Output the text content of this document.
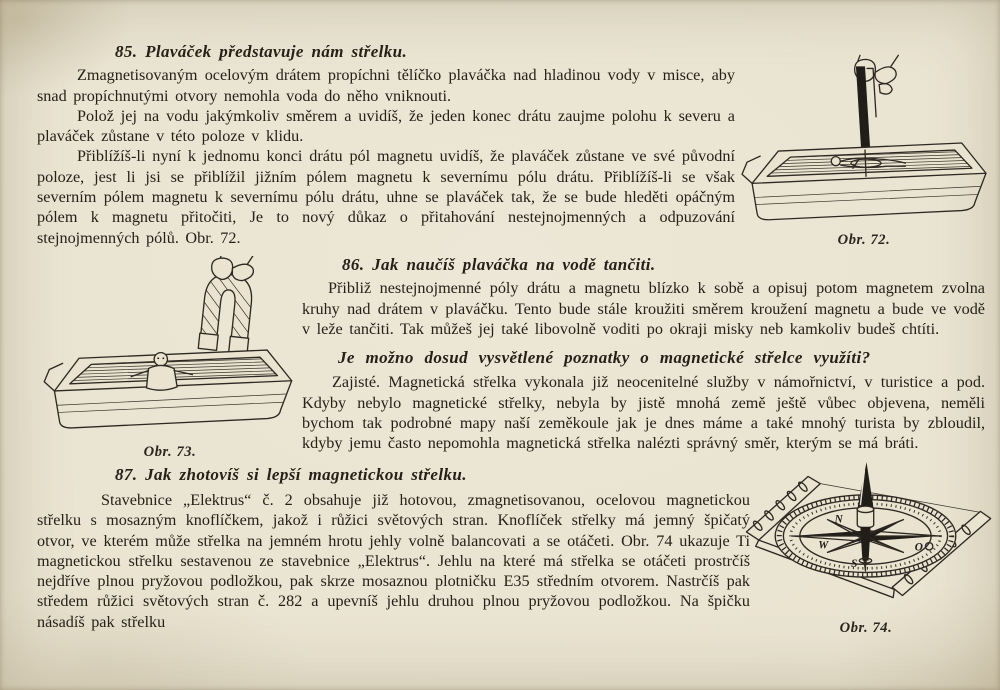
Obr. 72.
Obr. 73.
N
W
S
O
Obr. 74.
85. Plaváček představuje nám střelku.

Zmagnetisovaným ocelovým drátem propíchni tělíčko plaváčka nad hladinou vody v misce, aby snad propíchnutými otvory nemohla voda do něho vniknouti.

Polož jej na vodu jakýmkoliv směrem a uvidíš, že jeden konec drátu zaujme polohu k severu a plaváček zůstane v této poloze v klidu.

Přiblížíš-li nyní k jednomu konci drátu pól magnetu uvidíš, že plaváček zůstane ve své původní poloze, jest li jsi se přiblížil jižním pólem magnetu k severnímu pólu drátu. Přiblížíš-li se však severním pólem magnetu k severnímu pólu drátu, uhne se plaváček tak, že se bude hleděti opáčným pólem k magnetu přitočiti, Je to nový důkaz o přitahování nestejnojmenných a odpuzování stejnojmenných pólů. Obr. 72.

86. Jak naučíš plaváčka na vodě tančiti.

Přibliž nestejnojmenné póly drátu a magnetu blízko k sobě a opisuj potom magnetem zvolna kruhy nad drátem v plaváčku. Tento bude stále kroužiti směrem kroužení magnetu a bude ve vodě v leže tančiti. Tak můžeš jej také libovolně voditi po okraji misky neb kamkoliv budeš chtíti.

Je možno dosud vysvětlené poznatky o magnetické střelce využíti?

Zajisté. Magnetická střelka vykonala již neocenitelné služby v námořnictví, v turistice a pod. Kdyby nebylo magnetické střelky, nebyla by jistě mnohá země ještě vůbec objevena, neměli bychom tak podrobné mapy naší zeměkoule jak je dnes máme a také mnohý turista by zbloudil, kdyby jemu často nepomohla magnetická střelka nalézti správný směr, kterým se má bráti.

87. Jak zhotovíš si lepší magnetickou střelku.

Stavebnice „Elektrus“ č. 2 obsahuje již hotovou, zmagnetisovanou, ocelovou magnetickou střelku s mosazným knoflíčkem, jakož i růžici světových stran. Knoflíček střelky má jemný špičatý otvor, ve kterém může střelka na jemném hrotu jehly volně balancovati a se otáčeti. Obr. 74 ukazuje Ti magnetickou střelku sestavenou ze stavebnice „Elektrus“. Jehlu na které má střelka se otáčeti prostrčíš nejdříve plnou pryžovou podložkou, pak skrze mosaznou plotničku E35 středním otvorem. Nastrčíš pak středem růžici světových stran č. 282 a upevníš jehlu druhou plnou pryžovou podložkou. Na špičku násadíš pak střelku
